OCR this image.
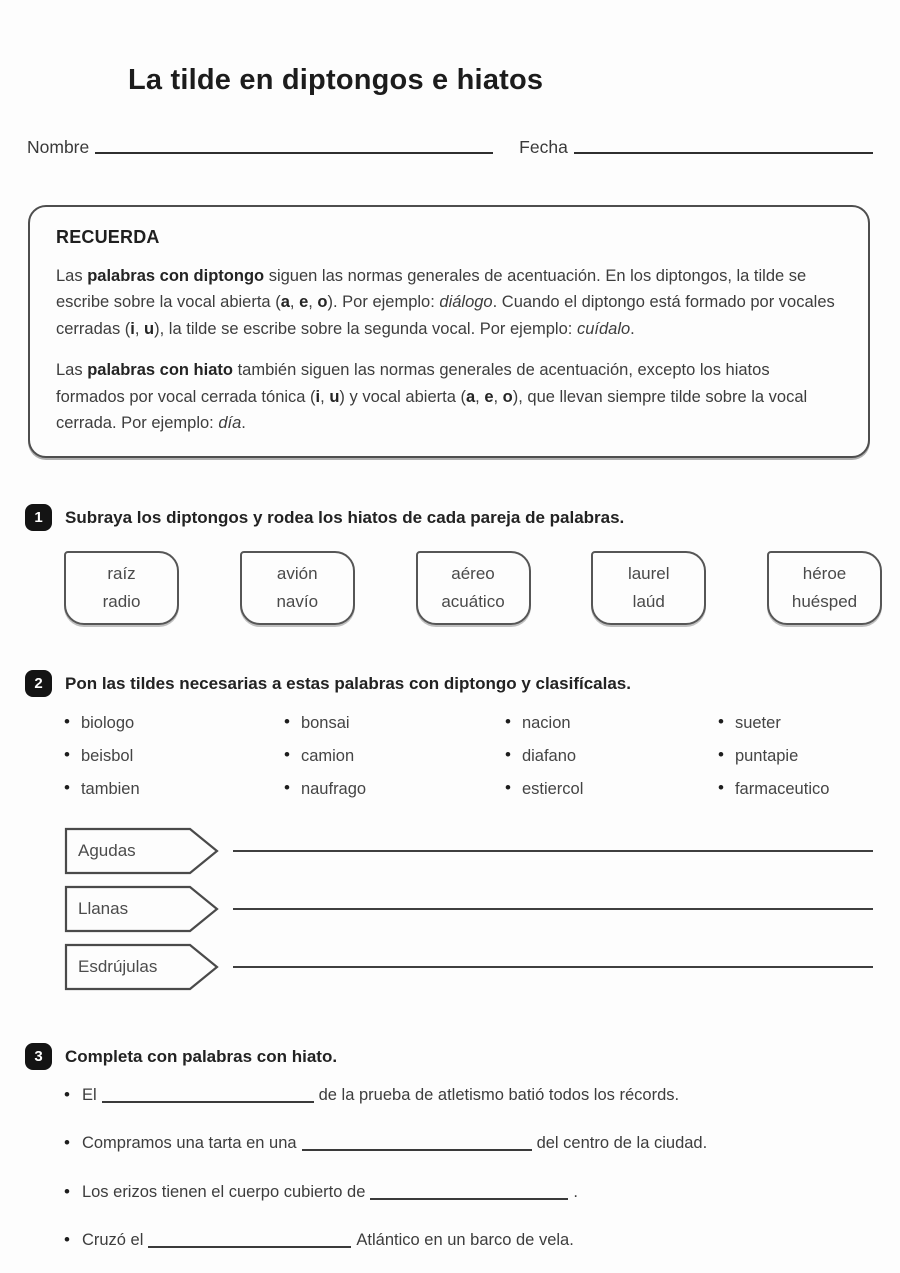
La tilde en diptongos e hiatos
Nombre	Fecha
RECUERDA

Las palabras con diptongo siguen las normas generales de acentuación. En los diptongos, la tilde se escribe sobre la vocal abierta (a, e, o). Por ejemplo: diálogo. Cuando el diptongo está formado por vocales cerradas (i, u), la tilde se escribe sobre la segunda vocal. Por ejemplo: cuídalo.

Las palabras con hiato también siguen las normas generales de acentuación, excepto los hiatos formados por vocal cerrada tónica (i, u) y vocal abierta (a, e, o), que llevan siempre tilde sobre la vocal cerrada. Por ejemplo: día.

1	Subraya los diptongos y rodea los hiatos de cada pareja de palabras.
raíz
radio
avión
navío
aéreo
acuático
laurel
laúd
héroe
huésped
2	Pon las tildes necesarias a estas palabras con diptongo y clasifícalas.
• biologo	• bonsai	• nacion	• sueter
• beisbol	• camion	• diafano	• puntapie
• tambien	• naufrago	• estiercol	• farmaceutico
Agudas
Llanas
Esdrújulas
3	Completa con palabras con hiato.
• El	de la prueba de atletismo batió todos los récords.
• Compramos una tarta en una	del centro de la ciudad.
• Los erizos tienen el cuerpo cubierto de	.
• Cruzó el	Atlántico en un barco de vela.
